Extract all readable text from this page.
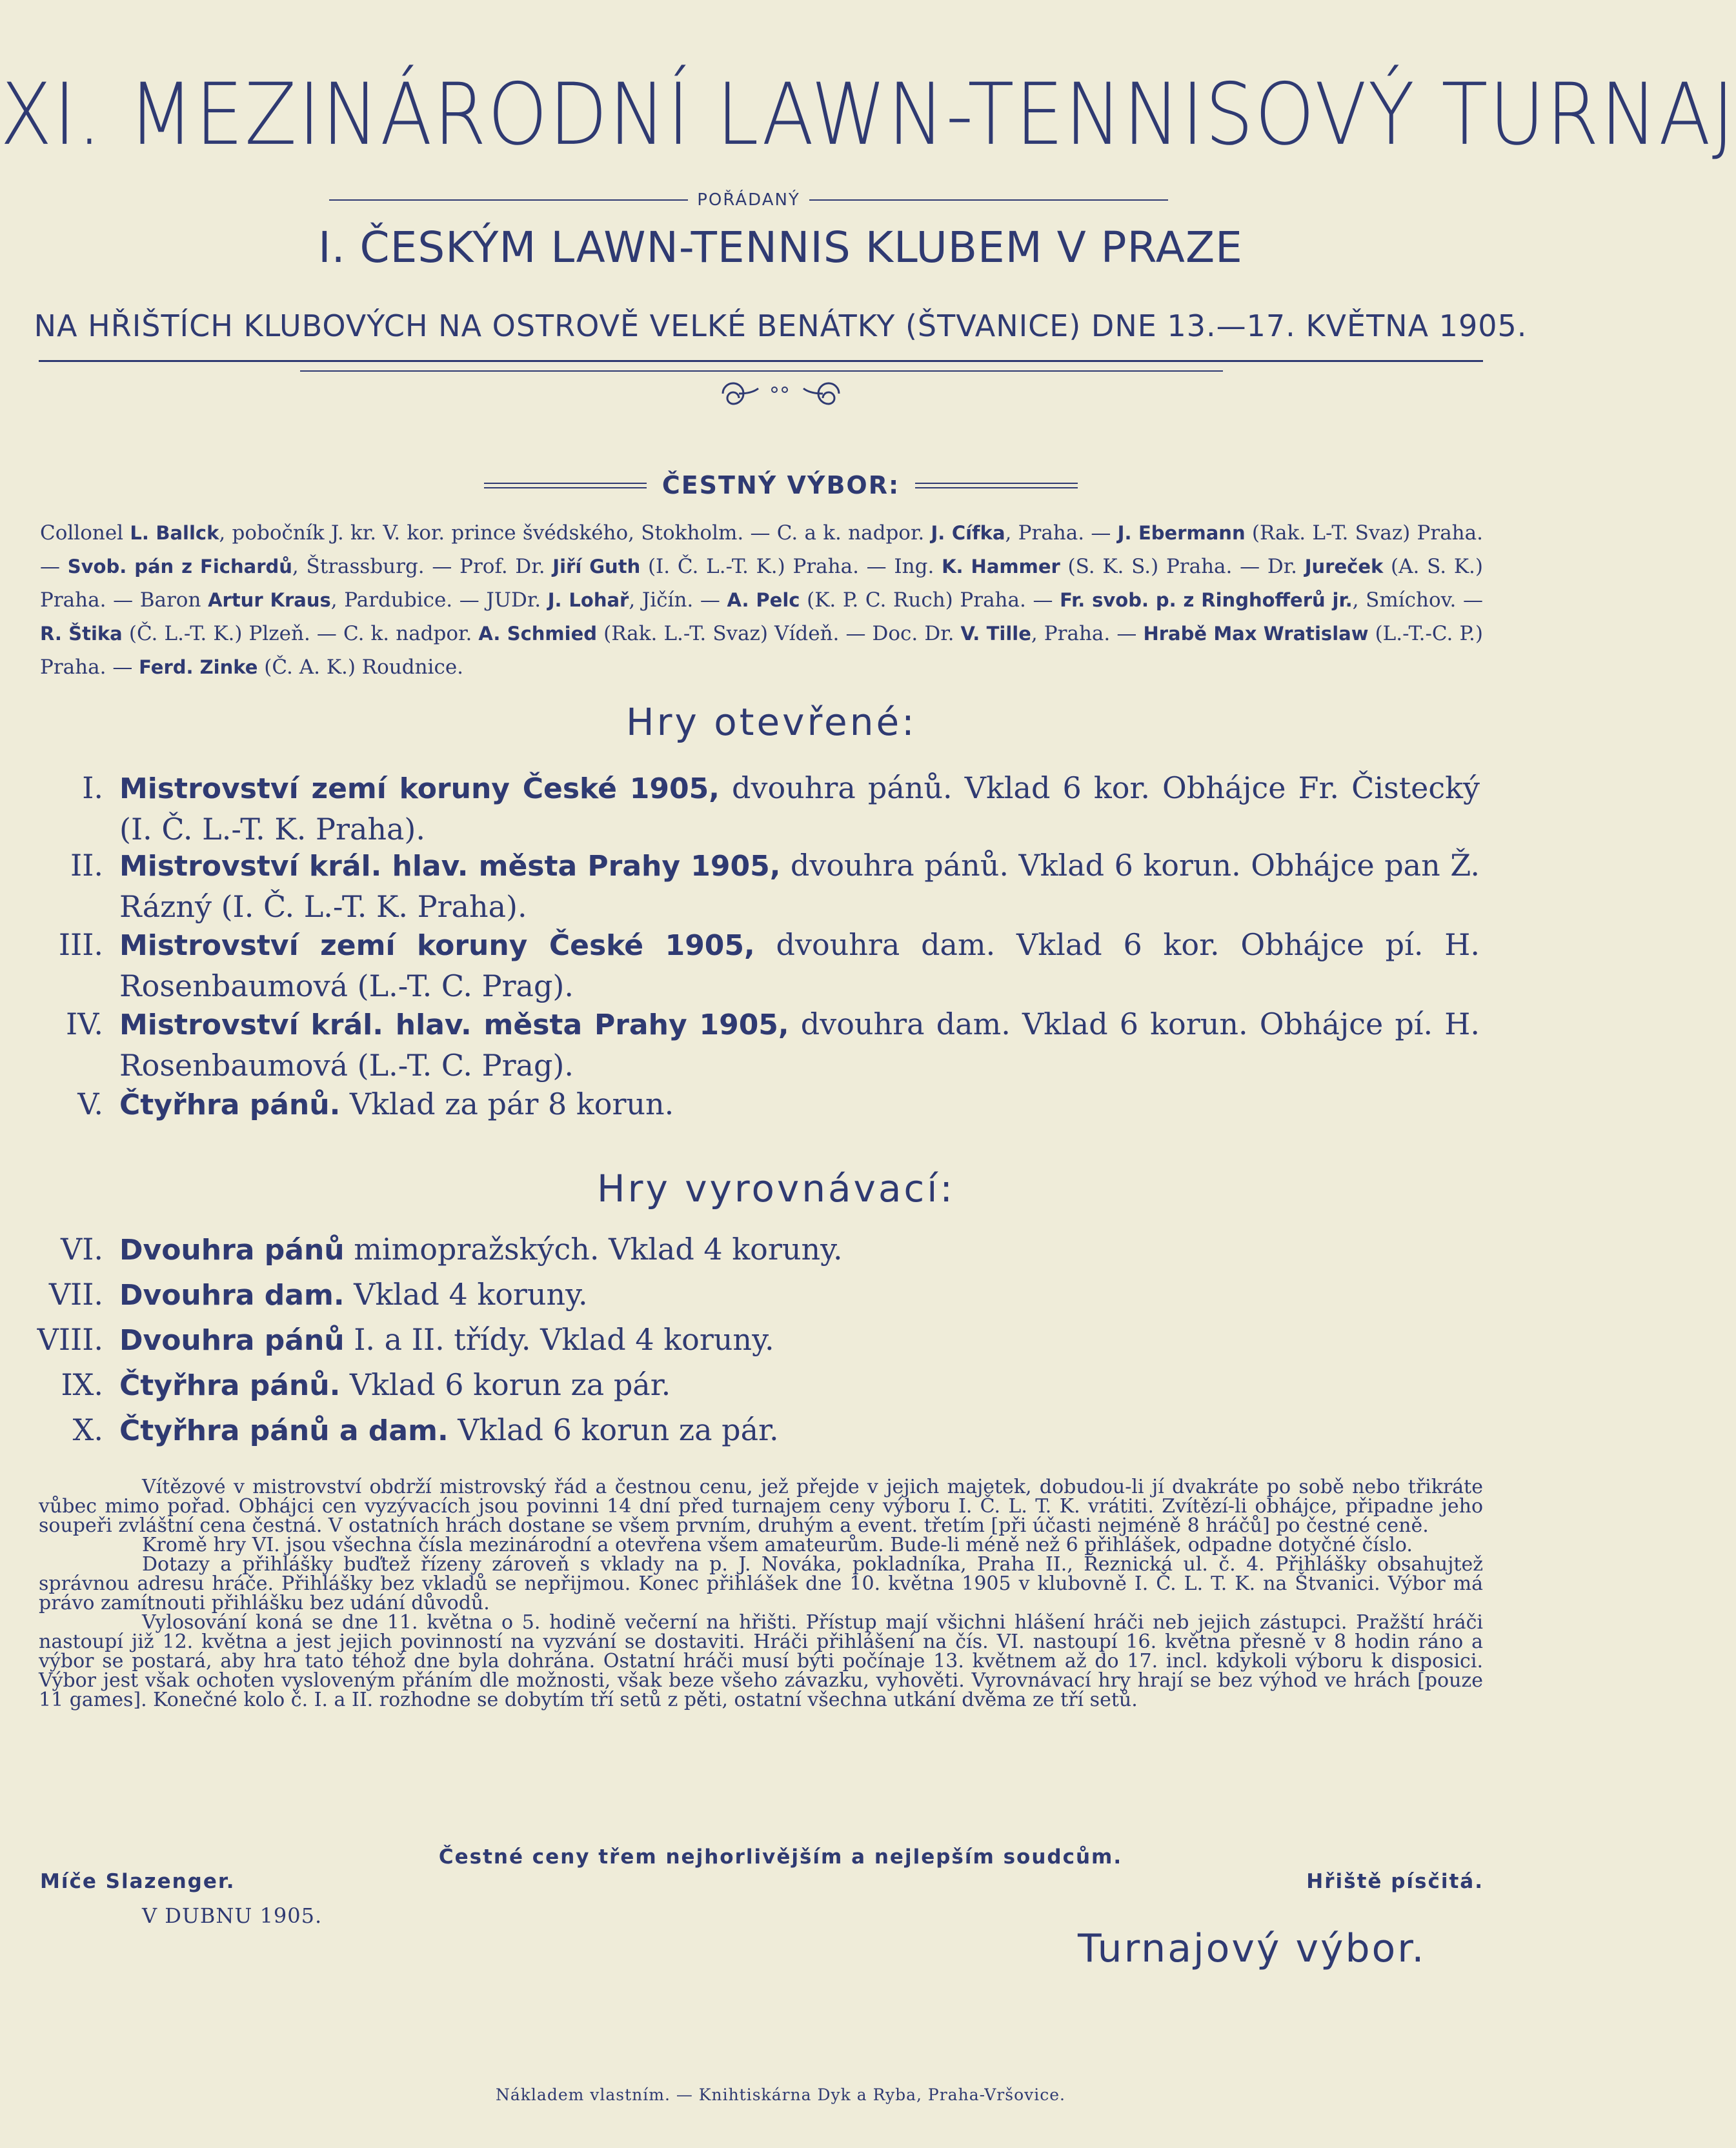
XI. MEZINÁRODNÍ LAWN-TENNISOVÝ TURNAJ
POŘÁDANÝ
I. ČESKÝM LAWN-TENNIS KLUBEM V PRAZE
NA HŘIŠTÍCH KLUBOVÝCH NA OSTROVĚ VELKÉ BENÁTKY (ŠTVANICE) DNE 13.—17. KVĚTNA 1905.
ČESTNÝ VÝBOR:
Collonel L. Ballck, pobočník J. kr. V. kor. prince švédského, Stokholm. — C. a k. nadpor. J. Cífka, Praha. — J. Ebermann (Rak. L-T. Svaz) Praha. — Svob. pán z Fichardů, Štrassburg. — Prof. Dr. Jiří Guth (I. Č. L.-T. K.) Praha. — Ing. K. Hammer (S. K. S.) Praha. — Dr. Jureček (A. S. K.) Praha. — Baron Artur Kraus, Pardubice. — JUDr. J. Lohař, Jičín. — A. Pelc (K. P. C. Ruch) Praha. — Fr. svob. p. z Ringhofferů jr., Smíchov. — R. Štika (Č. L.-T. K.) Plzeň. — C. k. nadpor. A. Schmied (Rak. L.-T. Svaz) Vídeň. — Doc. Dr. V. Tille, Praha. — Hrabě Max Wratislaw (L.-T.-C. P.) Praha. — Ferd. Zinke (Č. A. K.) Roudnice.
Hry otevřené:
I. Mistrovství zemí koruny České 1905, dvouhra pánů. Vklad 6 kor. Obhájce Fr. Čistecký (I. Č. L.-T. K. Praha).
II. Mistrovství král. hlav. města Prahy 1905, dvouhra pánů. Vklad 6 korun. Obhájce pan Ž. Rázný (I. Č. L.-T. K. Praha).
III. Mistrovství zemí koruny České 1905, dvouhra dam. Vklad 6 kor. Obhájce pí. H. Rosenbaumová (L.-T. C. Prag).
IV. Mistrovství král. hlav. města Prahy 1905, dvouhra dam. Vklad 6 korun. Obhájce pí. H. Rosenbaumová (L.-T. C. Prag).
V. Čtyřhra pánů. Vklad za pár 8 korun.
Hry vyrovnávací:
VI. Dvouhra pánů mimopražských. Vklad 4 koruny.
VII. Dvouhra dam. Vklad 4 koruny.
VIII. Dvouhra pánů I. a II. třídy. Vklad 4 koruny.
IX. Čtyřhra pánů. Vklad 6 korun za pár.
X. Čtyřhra pánů a dam. Vklad 6 korun za pár.

Vítězové v mistrovství obdrží mistrovský řád a čestnou cenu, jež přejde v jejich majetek, dobudou-li jí dvakráte po sobě nebo třikráte vůbec mimo pořad. Obhájci cen vyzývacích jsou povinni 14 dní před turnajem ceny výboru I. Č. L. T. K. vrátiti. Zvítězí-li obhájce, připadne jeho soupeři zvláštní cena čestná. V ostatních hrách dostane se všem prvním, druhým a event. třetím [při účasti nejméně 8 hráčů] po čestné ceně.

Kromě hry VI. jsou všechna čísla mezinárodní a otevřena všem amateurům. Bude-li méně než 6 přihlášek, odpadne dotyčné číslo.

Dotazy a přihlášky buďtež řízeny zároveň s vklady na p. J. Nováka, pokladníka, Praha II., Řeznická ul. č. 4. Přihlášky obsahujtež správnou adresu hráče. Přihlášky bez vkladů se nepřijmou. Konec přihlášek dne 10. května 1905 v klubovně I. Č. L. T. K. na Štvanici. Výbor má právo zamítnouti přihlášku bez udání důvodů.

Vylosování koná se dne 11. května o 5. hodině večerní na hřišti. Přístup mají všichni hlášení hráči neb jejich zástupci. Pražští hráči nastoupí již 12. května a jest jejich povinností na vyzvání se dostaviti. Hráči přihlášení na čís. VI. nastoupí 16. května přesně v 8 hodin ráno a výbor se postará, aby hra tato téhož dne byla dohrána. Ostatní hráči musí býti počínaje 13. květnem až do 17. incl. kdykoli výboru k disposici. Výbor jest však ochoten vysloveným přáním dle možnosti, však beze všeho závazku, vyhověti. Vyrovnávací hry hrají se bez výhod ve hrách [pouze 11 games]. Konečné kolo č. I. a II. rozhodne se dobytím tří setů z pěti, ostatní všechna utkání dvěma ze tří setů.

Čestné ceny třem nejhorlivějším a nejlepším soudcům.
Míče Slazenger.	Hřiště písčitá.
V DUBNU 1905.
Turnajový výbor.
Nákladem vlastním. — Knihtiskárna Dyk a Ryba, Praha-Vršovice.
